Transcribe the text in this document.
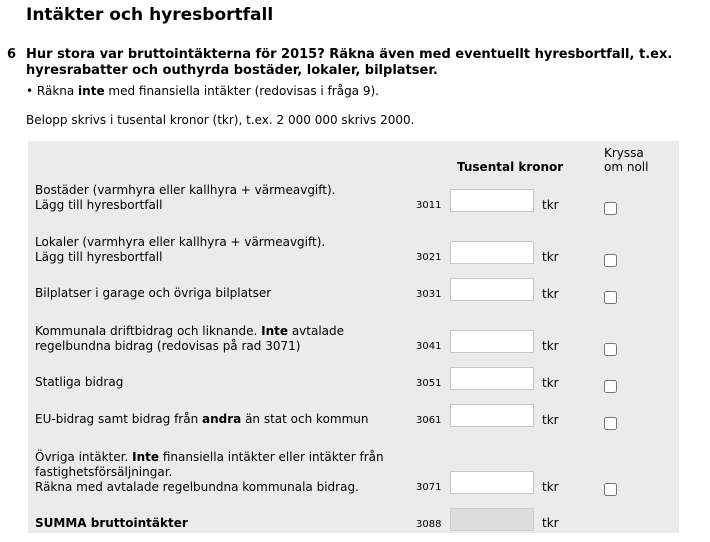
Intäkter och hyresbortfall
6 Hur stora var bruttointäkterna för 2015? Räkna även med eventuellt hyresbortfall, t.ex. hyresrabatter och outhyrda bostäder, lokaler, bilplatser.
• Räkna inte med finansiella intäkter (redovisas i fråga 9).
Belopp skrivs i tusental kronor (tkr), t.ex. 2 000 000 skrivs 2000.
Tusental kronor
Kryssa
om noll
Bostäder (varmhyra eller kallhyra + värmeavgift).
Lägg till hyresbortfall	3011	tkr
Lokaler (varmhyra eller kallhyra + värmeavgift).
Lägg till hyresbortfall	3021	tkr
Bilplatser i garage och övriga bilplatser	3031	tkr
Kommunala driftbidrag och liknande. Inte avtalade
regelbundna bidrag (redovisas på rad 3071)	3041	tkr
Statliga bidrag	3051	tkr
EU-bidrag samt bidrag från andra än stat och kommun	3061	tkr
Övriga intäkter. Inte finansiella intäkter eller intäkter från
fastighetsförsäljningar.
Räkna med avtalade regelbundna kommunala bidrag.	3071	tkr
SUMMA bruttointäkter	3088	tkr
